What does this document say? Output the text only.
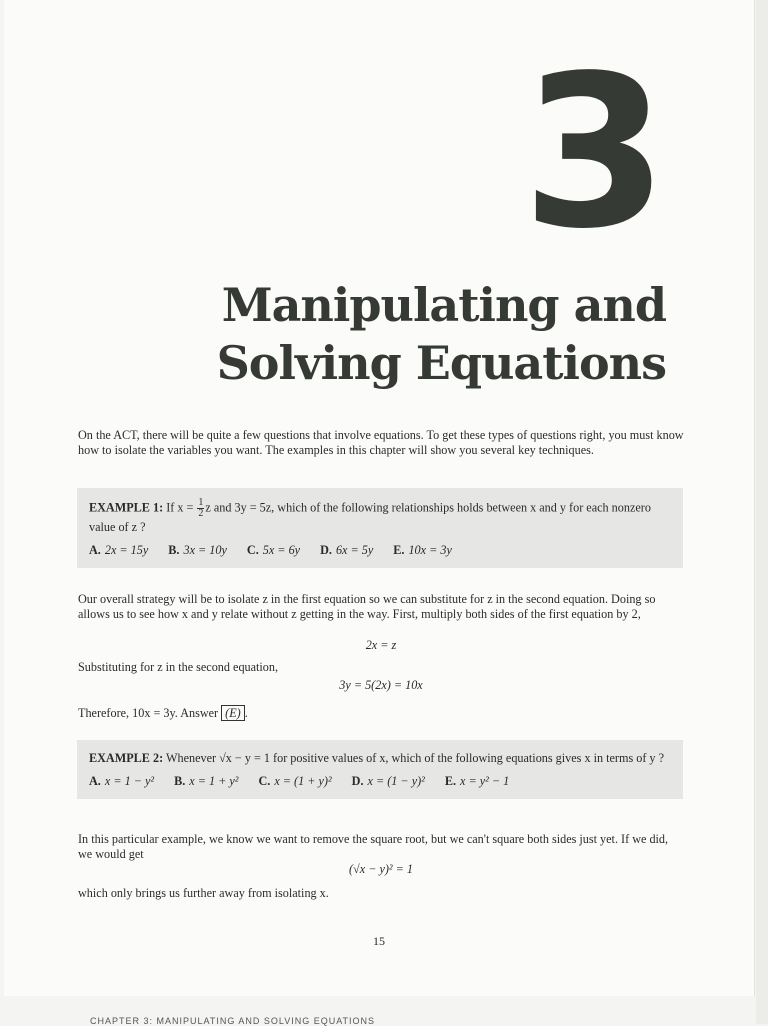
3
Manipulating and
Solving Equations
On the ACT, there will be quite a few questions that involve equations. To get these types of questions right, you must know how to isolate the variables you want. The examples in this chapter will show you several key techniques.
EXAMPLE 1: If $x = \frac{1}{2}$ z and 3y = 5z, which of the following relationships holds between x and y for each nonzero value of z ?
A. 2x = 15y B. 3x = 10y C. 5x = 6y D. 6x = 5y E. 10x = 3y
Our overall strategy will be to isolate z in the first equation so we can substitute for z in the second equation. Doing so allows us to see how x and y relate without z getting in the way. First, multiply both sides of the first equation by 2,
2x = z
Substituting for z in the second equation,
3y = 5(2x) = 10x
Therefore, 10x = 3y. Answer (E) .
EXAMPLE 2: Whenever √x − y = 1 for positive values of x, which of the following equations gives x in terms of y ?
A. x = 1 − y² B. x = 1 + y² C. x = (1 + y)² D. x = (1 − y)² E. x = y² − 1
In this particular example, we know we want to remove the square root, but we can't square both sides just yet. If we did, we would get
(√x − y)² = 1
which only brings us further away from isolating x.
15
CHAPTER 3: MANIPULATING AND SOLVING EQUATIONS
